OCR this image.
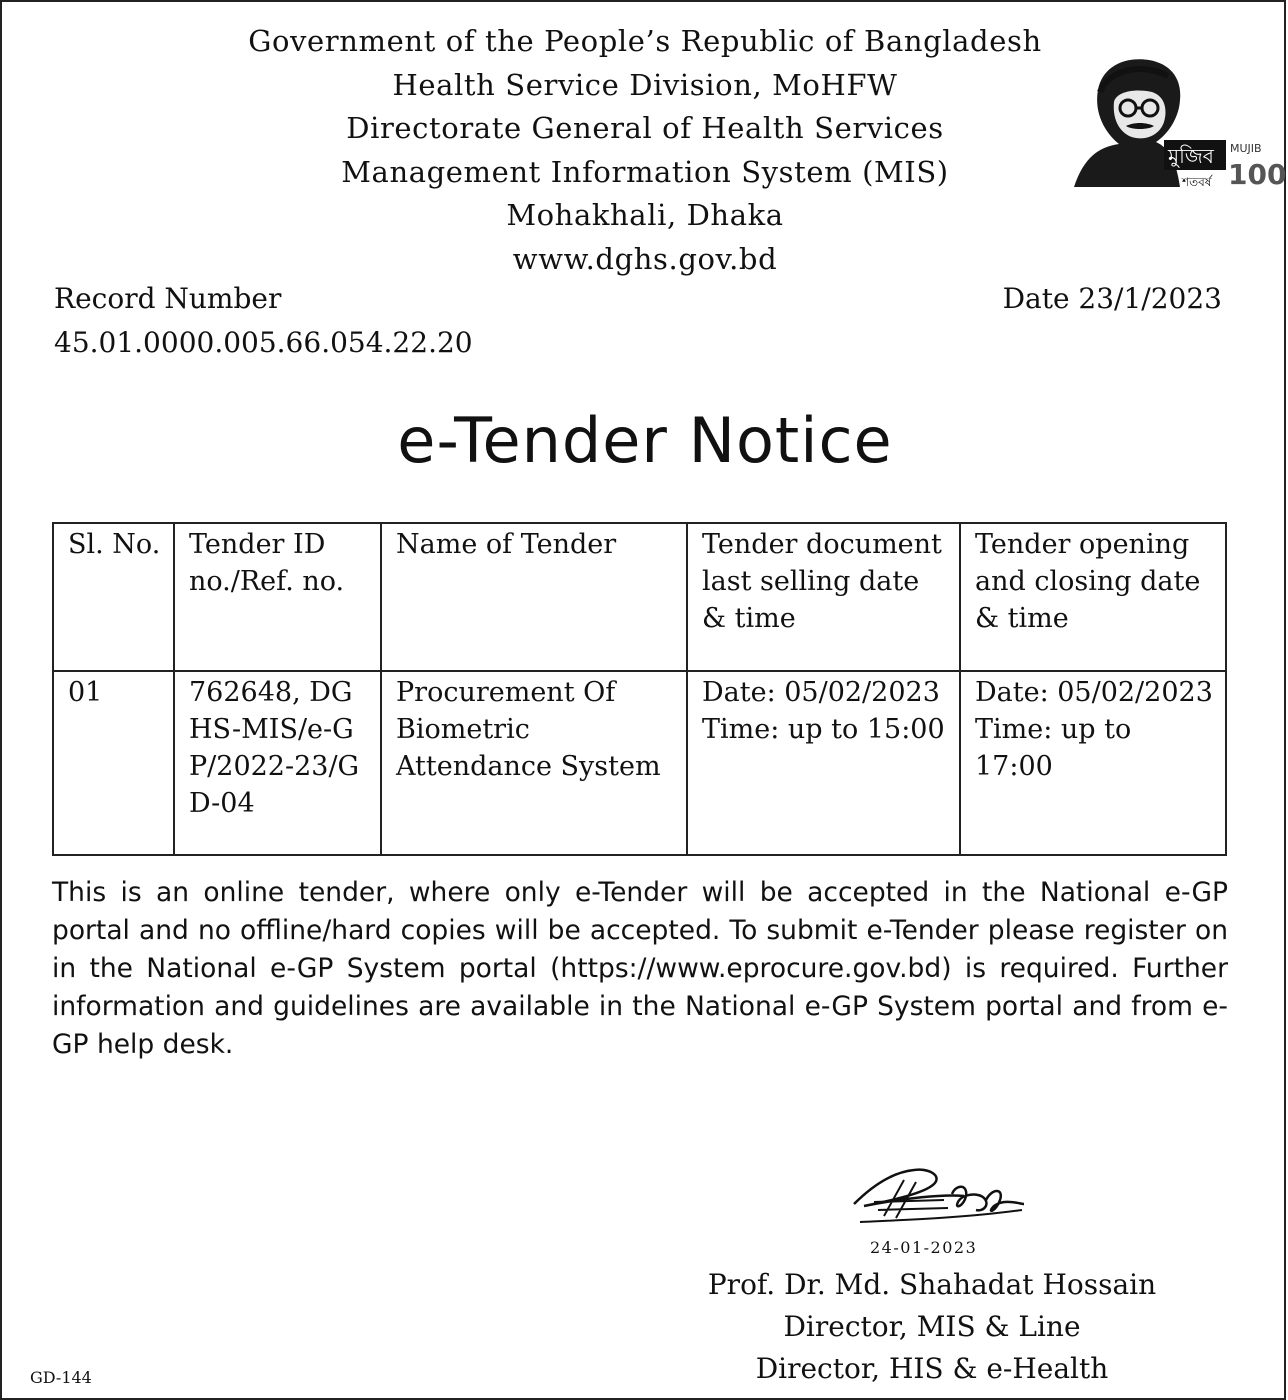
Government of the People’s Republic of Bangladesh
Health Service Division, MoHFW
Directorate General of Health Services
Management Information System (MIS)
Mohakhali, Dhaka
www.dghs.gov.bd
মুজিব
শতবর্ষ
MUJIB
100
Record Number
45.01.0000.005.66.054.22.20
Date 23/1/2023
e-Tender Notice
Sl. No.	Tender ID no./Ref. no.	Name of Tender	Tender document last selling date & time	Tender opening and closing date & time
01	762648, DGHS-MIS/e-GP/2022-23/GD-04	Procurement Of Biometric Attendance System	Date: 05/02/2023 Time: up to 15:00	Date: 05/02/2023 Time: up to 17:00
This is an online tender, where only e-Tender will be accepted in the National e-GP portal and no offline/hard copies will be accepted. To submit e-Tender please register on in the National e-GP System portal (https://www.eprocure.gov.bd) is required. Further information and guidelines are available in the National e-GP System portal and from e-GP help desk.
24-01-2023
Prof. Dr. Md. Shahadat Hossain
Director, MIS & Line
Director, HIS & e-Health
GD-144
